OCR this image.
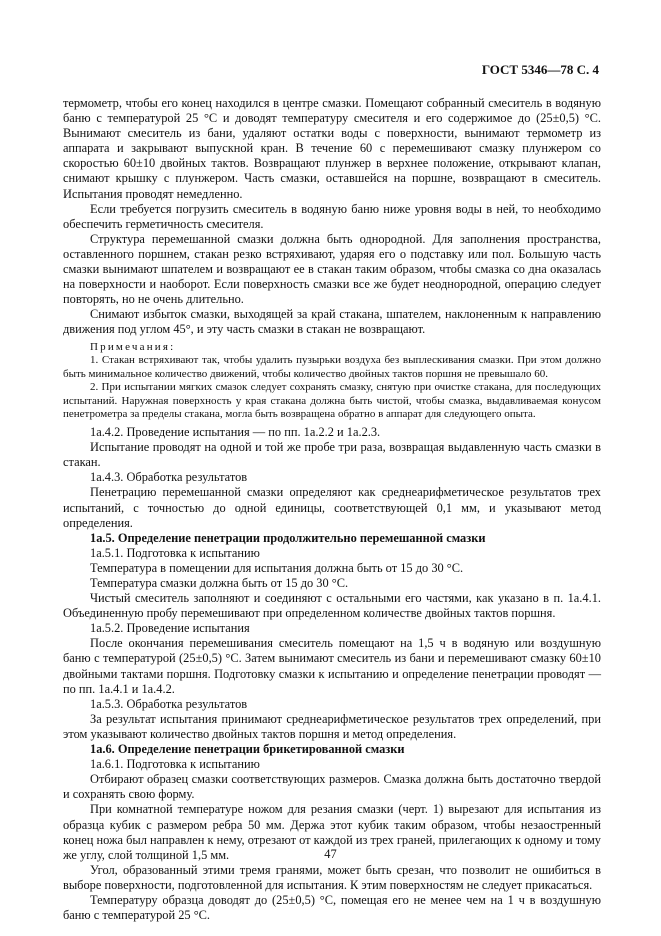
ГОСТ 5346—78 С. 4

термометр, чтобы его конец находился в центре смазки. Помещают собранный смеситель в водяную баню с температурой 25 °С и доводят температуру смесителя и его содержимое до (25±0,5) °С. Вынимают смеситель из бани, удаляют остатки воды с поверхности, вынимают термометр из аппарата и закрывают выпускной кран. В течение 60 с перемешивают смазку плунжером со скоростью 60±10 двойных тактов. Возвращают плунжер в верхнее положение, открывают клапан, снимают крышку с плунжером. Часть смазки, оставшейся на поршне, возвращают в смеситель. Испытания проводят немедленно.

Если требуется погрузить смеситель в водяную баню ниже уровня воды в ней, то необходимо обеспечить герметичность смесителя.

Структура перемешанной смазки должна быть однородной. Для заполнения пространства, оставленного поршнем, стакан резко встряхивают, ударяя его о подставку или пол. Большую часть смазки вынимают шпателем и возвращают ее в стакан таким образом, чтобы смазка со дна оказалась на поверхности и наоборот. Если поверхность смазки все же будет неоднородной, операцию следует повторять, но не очень длительно.

Снимают избыток смазки, выходящей за край стакана, шпателем, наклоненным к направлению движения под углом 45°, и эту часть смазки в стакан не возвращают.

Примечания:

1. Стакан встряхивают так, чтобы удалить пузырьки воздуха без выплескивания смазки. При этом должно быть минимальное количество движений, чтобы количество двойных тактов поршня не превышало 60.

2. При испытании мягких смазок следует сохранять смазку, снятую при очистке стакана, для последующих испытаний. Наружная поверхность у края стакана должна быть чистой, чтобы смазка, выдавливаемая конусом пенетрометра за пределы стакана, могла быть возвращена обратно в аппарат для следующего опыта.

1а.4.2. Проведение испытания — по пп. 1а.2.2 и 1а.2.3.

Испытание проводят на одной и той же пробе три раза, возвращая выдавленную часть смазки в стакан.

1а.4.3. Обработка результатов

Пенетрацию перемешанной смазки определяют как среднеарифметическое результатов трех испытаний, с точностью до одной единицы, соответствующей 0,1 мм, и указывают метод определения.

1а.5. Определение пенетрации продолжительно перемешанной смазки

1а.5.1. Подготовка к испытанию

Температура в помещении для испытания должна быть от 15 до 30 °С.

Температура смазки должна быть от 15 до 30 °С.

Чистый смеситель заполняют и соединяют с остальными его частями, как указано в п. 1а.4.1. Объединенную пробу перемешивают при определенном количестве двойных тактов поршня.

1а.5.2. Проведение испытания

После окончания перемешивания смеситель помещают на 1,5 ч в водяную или воздушную баню с температурой (25±0,5) °С. Затем вынимают смеситель из бани и перемешивают смазку 60±10 двойными тактами поршня. Подготовку смазки к испытанию и определение пенетрации проводят — по пп. 1а.4.1 и 1а.4.2.

1а.5.3. Обработка результатов

За результат испытания принимают среднеарифметическое результатов трех определений, при этом указывают количество двойных тактов поршня и метод определения.

1а.6. Определение пенетрации брикетированной смазки

1а.6.1. Подготовка к испытанию

Отбирают образец смазки соответствующих размеров. Смазка должна быть достаточно твердой и сохранять свою форму.

При комнатной температуре ножом для резания смазки (черт. 1) вырезают для испытания из образца кубик с размером ребра 50 мм. Держа этот кубик таким образом, чтобы незаостренный конец ножа был направлен к нему, отрезают от каждой из трех граней, прилегающих к одному и тому же углу, слой толщиной 1,5 мм.

Угол, образованный этими тремя гранями, может быть срезан, что позволит не ошибиться в выборе поверхности, подготовленной для испытания. К этим поверхностям не следует прикасаться.

Температуру образца доводят до (25±0,5) °С, помещая его не менее чем на 1 ч в воздушную баню с температурой 25 °С.

47
